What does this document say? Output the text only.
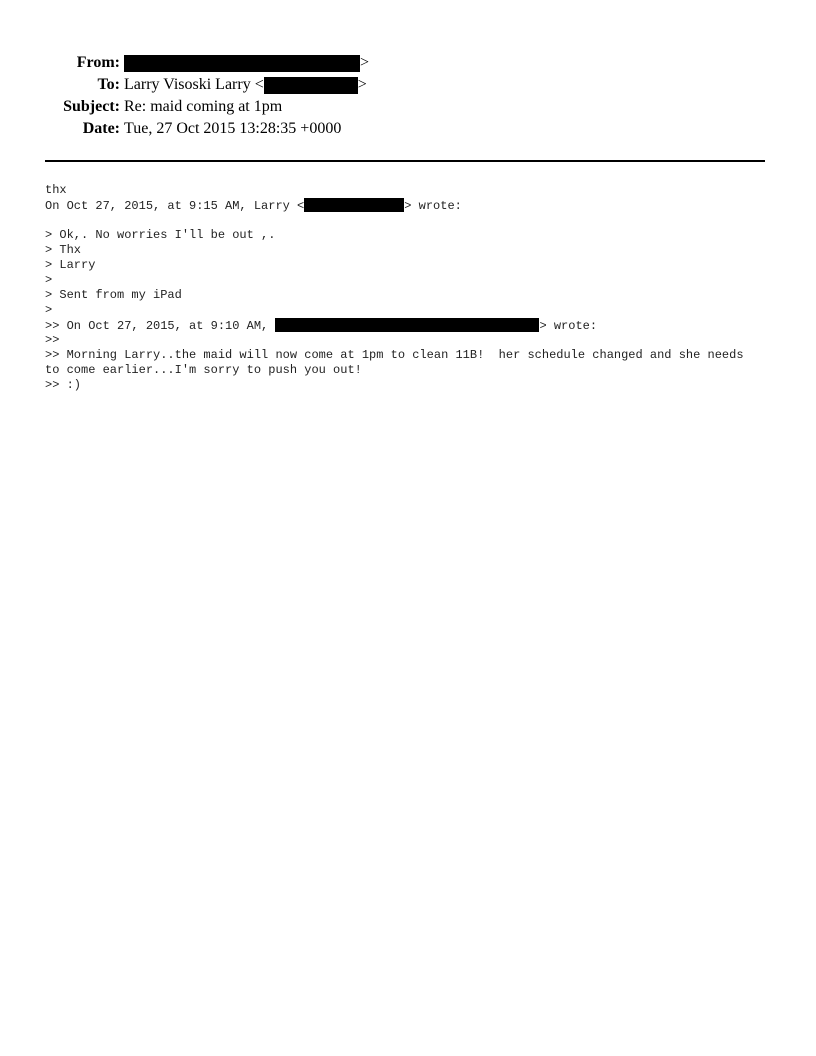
From:	>
To: Larry Visoski Larry <	>
Subject: Re: maid coming at 1pm
Date: Tue, 27 Oct 2015 13:28:35 +0000
thx
On Oct 27, 2015, at 9:15 AM, Larry <	> wrote:
> Ok,. No worries I'll be out ,.
> Thx
> Larry
>
> Sent from my iPad
>
>> On Oct 27, 2015, at 9:10 AM,	> wrote:
>>
>> Morning Larry..the maid will now come at 1pm to clean 11B!  her schedule changed and she needs to come earlier...I'm sorry to push you out!
>> :)
